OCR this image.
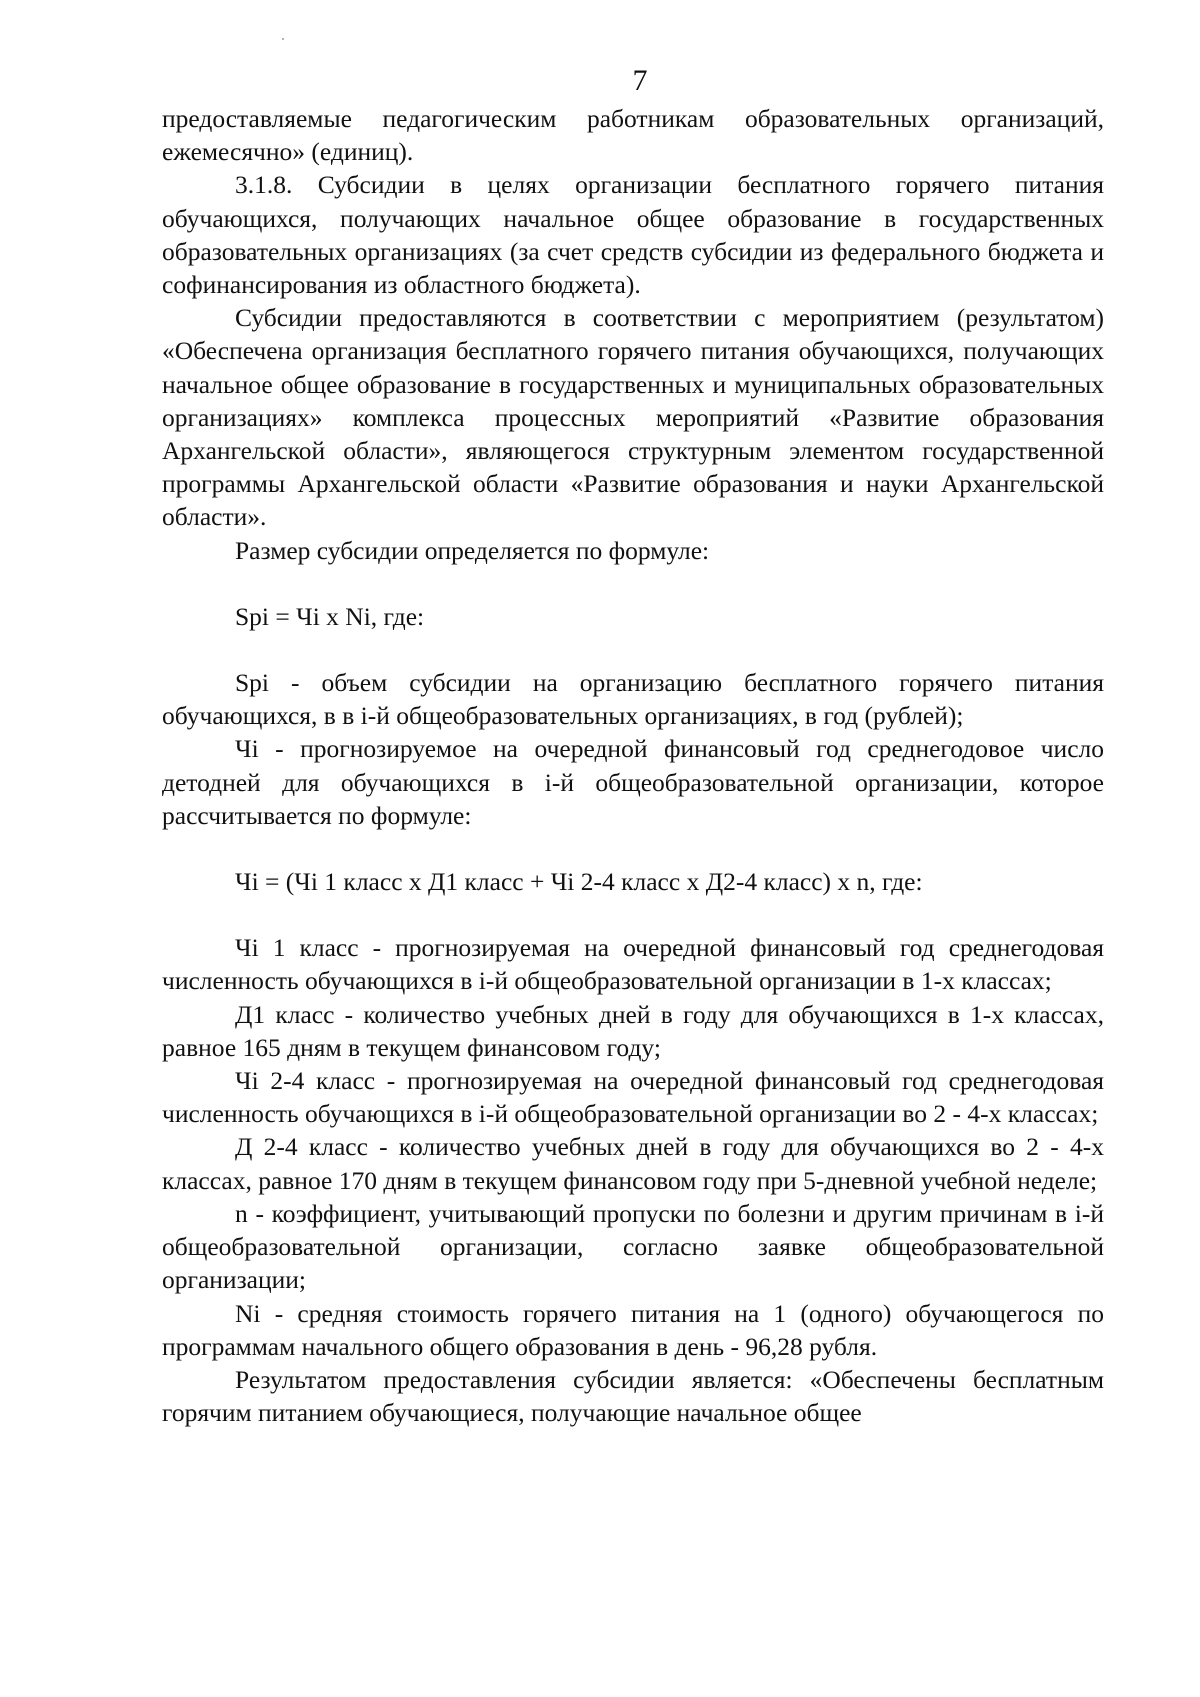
7

предоставляемые педагогическим работникам образовательных организаций, ежемесячно» (единиц).

3.1.8. Субсидии в целях организации бесплатного горячего питания обучающихся, получающих начальное общее образование в государственных образовательных организациях (за счет средств субсидии из федерального бюджета и софинансирования из областного бюджета).

Субсидии предоставляются в соответствии с мероприятием (результатом) «Обеспечена организация бесплатного горячего питания обучающихся, получающих начальное общее образование в государственных и муниципальных образовательных организациях» комплекса процессных мероприятий «Развитие образования Архангельской области», являющегося структурным элементом государственной программы Архангельской области «Развитие образования и науки Архангельской области».

Размер субсидии определяется по формуле:

Spi = Чi x Ni, где:

Spi - объем субсидии на организацию бесплатного горячего питания обучающихся, в в i-й общеобразовательных организациях, в год (рублей);

Чi - прогнозируемое на очередной финансовый год среднегодовое число детодней для обучающихся в i-й общеобразовательной организации, которое рассчитывается по формуле:

Чi = (Чi 1 класс x Д1 класс + Чi 2-4 класс x Д2-4 класс) x n, где:

Чi 1 класс - прогнозируемая на очередной финансовый год среднегодовая численность обучающихся в i-й общеобразовательной организации в 1-х классах;

Д1 класс - количество учебных дней в году для обучающихся в 1-х классах, равное 165 дням в текущем финансовом году;

Чi 2-4 класс - прогнозируемая на очередной финансовый год среднегодовая численность обучающихся в i-й общеобразовательной организации во 2 - 4-х классах;

Д 2-4 класс - количество учебных дней в году для обучающихся во 2 - 4-х классах, равное 170 дням в текущем финансовом году при 5-дневной учебной неделе;

n - коэффициент, учитывающий пропуски по болезни и другим причинам в i-й общеобразовательной организации, согласно заявке общеобразовательной организации;

Ni - средняя стоимость горячего питания на 1 (одного) обучающегося по программам начального общего образования в день - 96,28 рубля.

Результатом предоставления субсидии является: «Обеспечены бесплатным горячим питанием обучающиеся, получающие начальное общее
